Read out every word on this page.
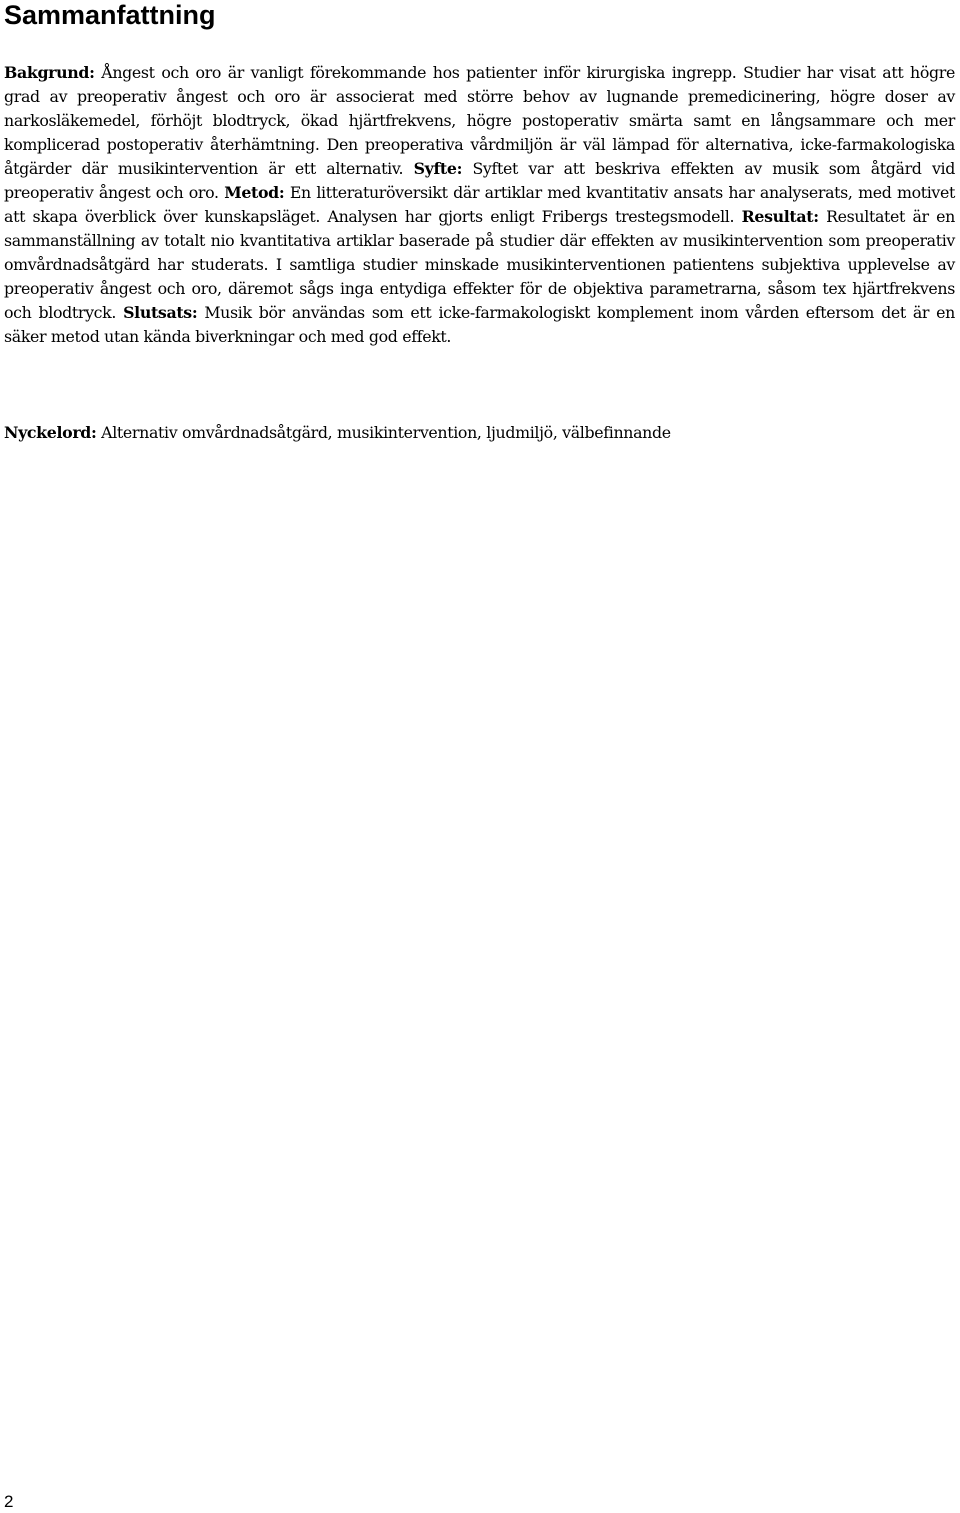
Sammanfattning

Bakgrund: Ångest och oro är vanligt förekommande hos patienter inför kirurgiska ingrepp. Studier har visat att högre grad av preoperativ ångest och oro är associerat med större behov av lugnande premedicinering, högre doser av narkosläkemedel, förhöjt blodtryck, ökad hjärtfrekvens, högre postoperativ smärta samt en långsammare och mer komplicerad postoperativ återhämtning. Den preoperativa vårdmiljön är väl lämpad för alternativa, icke-farmakologiska åtgärder där musikintervention är ett alternativ. Syfte: Syftet var att beskriva effekten av musik som åtgärd vid preoperativ ångest och oro. Metod: En litteraturöversikt där artiklar med kvantitativ ansats har analyserats, med motivet att skapa överblick över kunskapsläget. Analysen har gjorts enligt Fribergs trestegsmodell. Resultat: Resultatet är en sammanställning av totalt nio kvantitativa artiklar baserade på studier där effekten av musikintervention som preoperativ omvårdnadsåtgärd har studerats. I samtliga studier minskade musikinterventionen patientens subjektiva upplevelse av preoperativ ångest och oro, däremot sågs inga entydiga effekter för de objektiva parametrarna, såsom tex hjärtfrekvens och blodtryck. Slutsats: Musik bör användas som ett icke-farmakologiskt komplement inom vården eftersom det är en säker metod utan kända biverkningar och med god effekt.

Nyckelord: Alternativ omvårdnadsåtgärd, musikintervention, ljudmiljö, välbefinnande

2
